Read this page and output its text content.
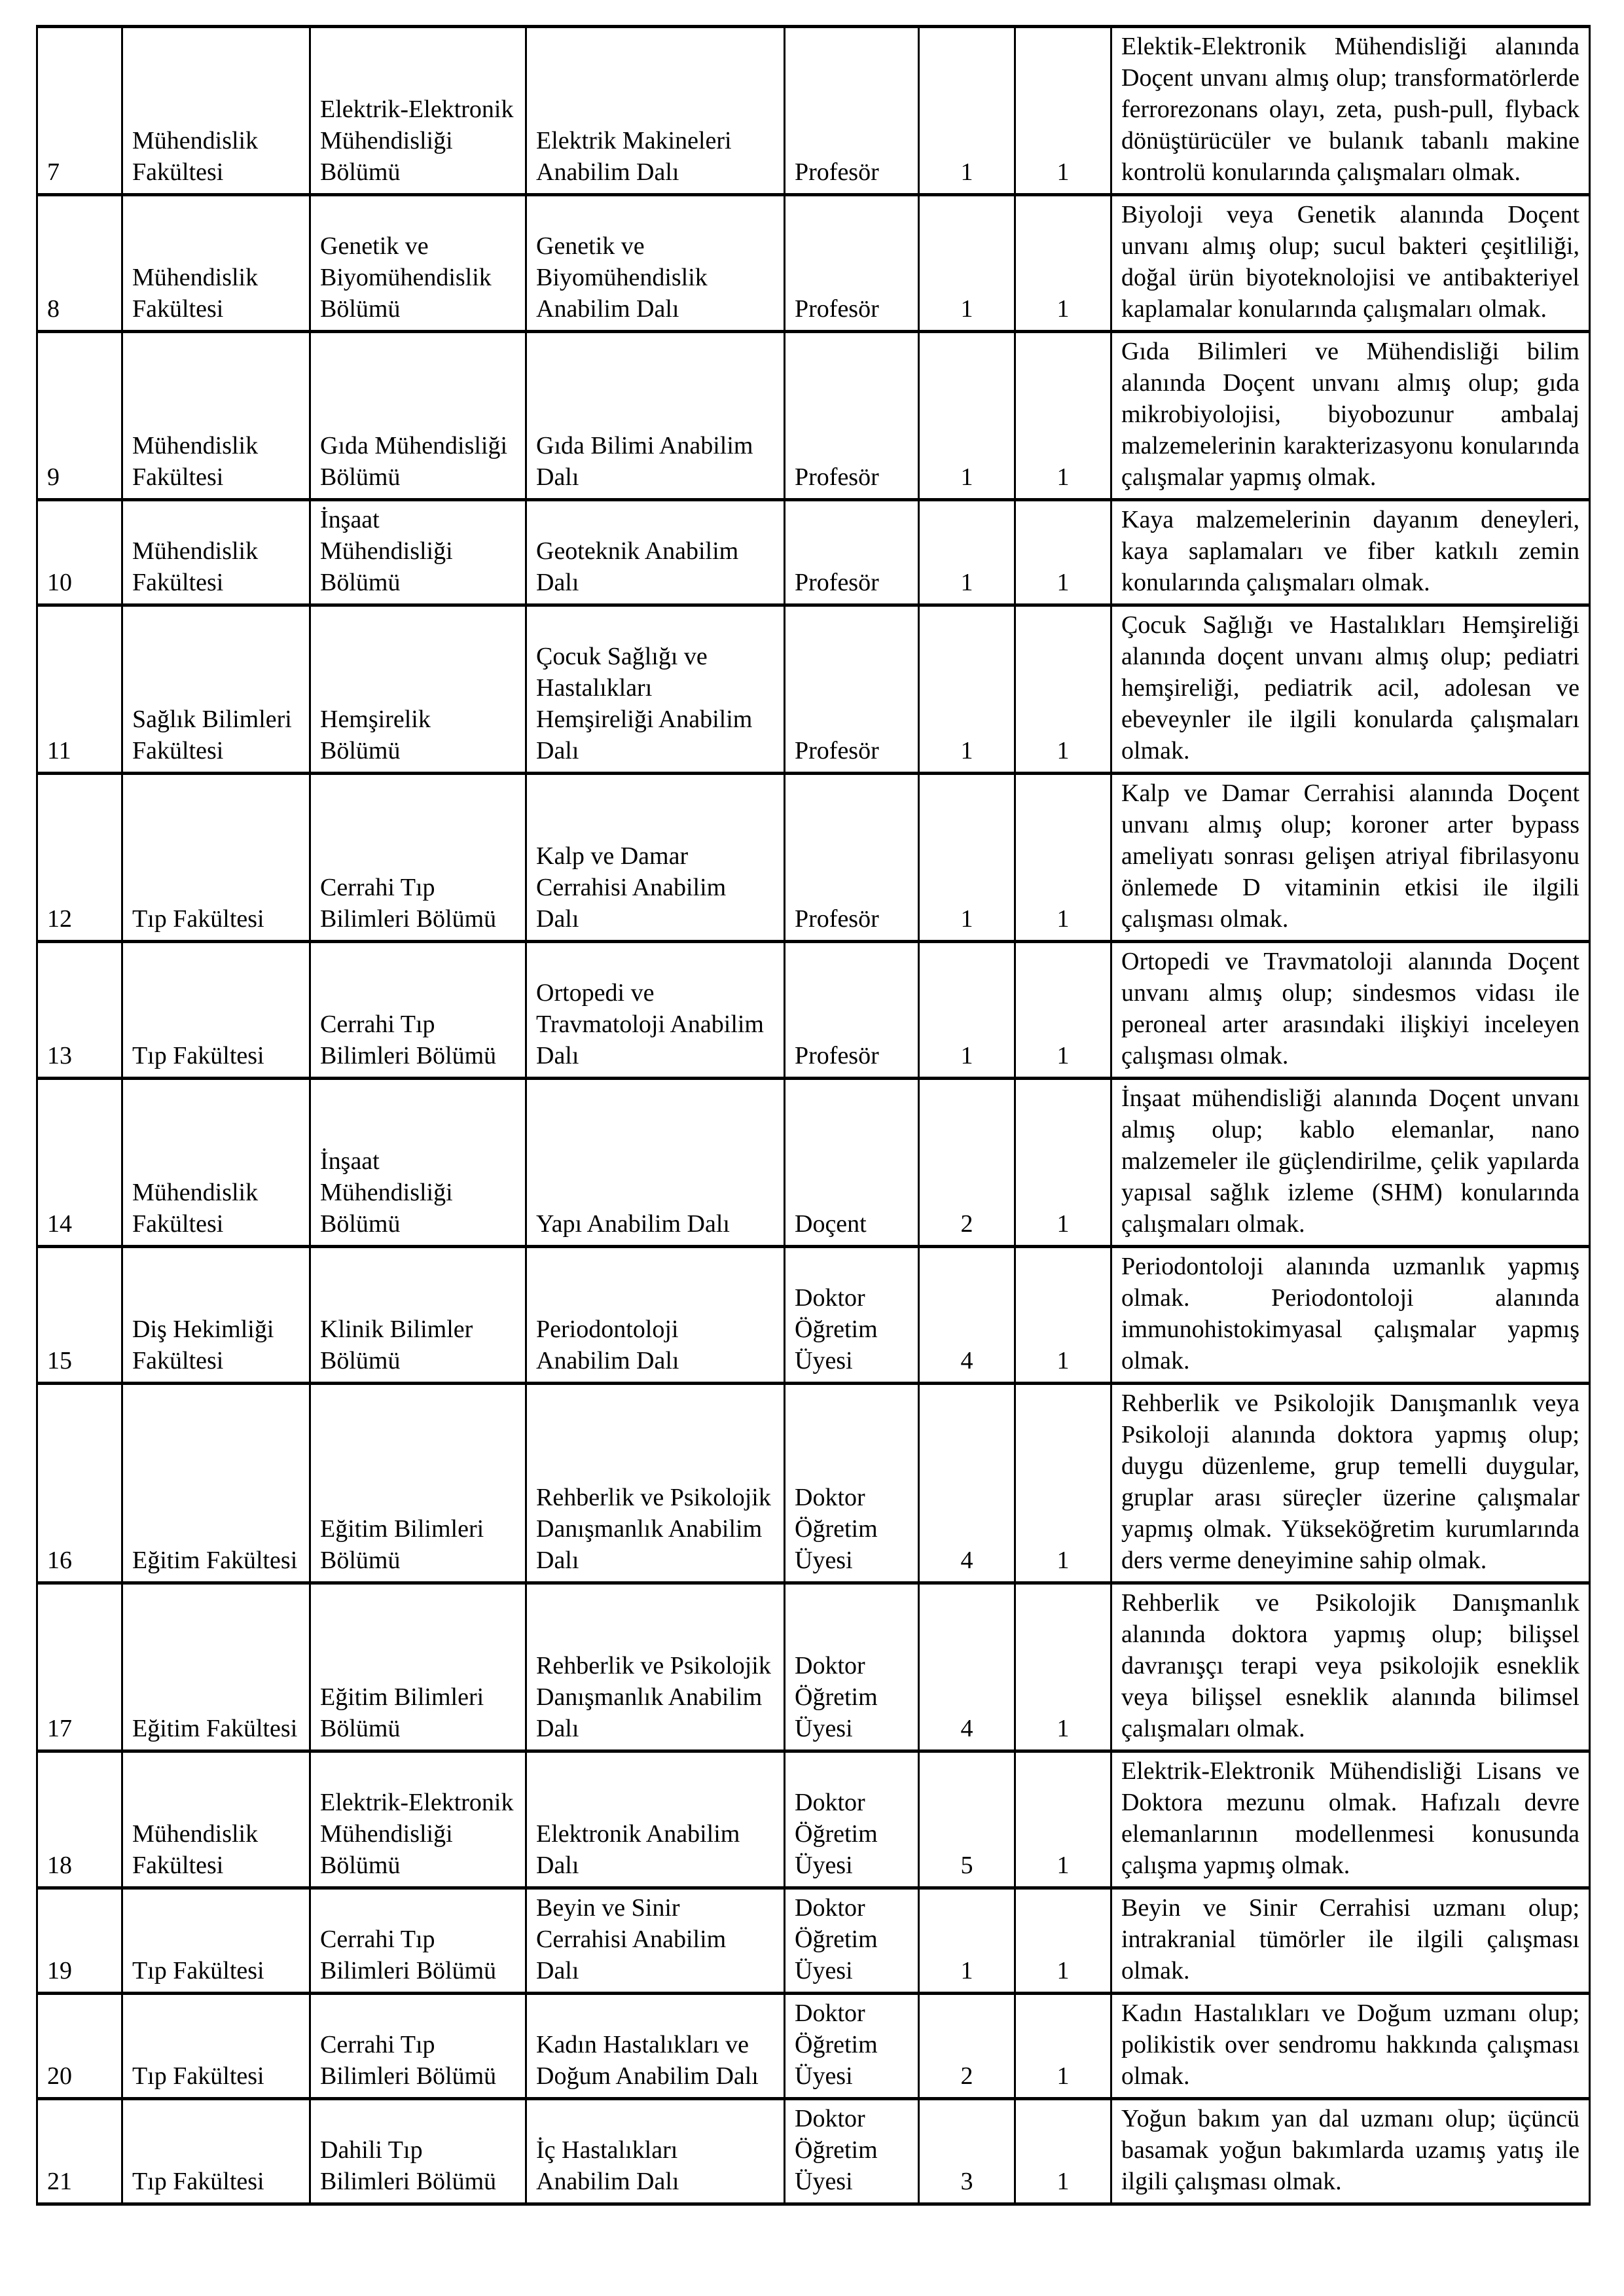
7	Mühendislik Fakültesi	Elektrik-Elektronik Mühendisliği Bölümü	Elektrik Makineleri Anabilim Dalı	Profesör	1	1	Elektik-Elektronik Mühendisliği alanında Doçent unvanı almış olup; transformatörlerde ferrorezonans olayı, zeta, push-pull, flyback dönüştürücüler ve bulanık tabanlı makine kontrolü konularında çalışmaları olmak.
8	Mühendislik Fakültesi	Genetik ve Biyomühendislik Bölümü	Genetik ve Biyomühendislik Anabilim Dalı	Profesör	1	1	Biyoloji veya Genetik alanında Doçent unvanı almış olup; sucul bakteri çeşitliliği, doğal ürün biyoteknolojisi ve antibakteriyel kaplamalar konularında çalışmaları olmak.
9	Mühendislik Fakültesi	Gıda Mühendisliği Bölümü	Gıda Bilimi Anabilim Dalı	Profesör	1	1	Gıda Bilimleri ve Mühendisliği bilim alanında Doçent unvanı almış olup; gıda mikrobiyolojisi, biyobozunur ambalaj malzemelerinin karakterizasyonu konularında çalışmalar yapmış olmak.
10	Mühendislik Fakültesi	İnşaat Mühendisliği Bölümü	Geoteknik Anabilim Dalı	Profesör	1	1	Kaya malzemelerinin dayanım deneyleri, kaya saplamaları ve fiber katkılı zemin konularında çalışmaları olmak.
11	Sağlık Bilimleri Fakültesi	Hemşirelik Bölümü	Çocuk Sağlığı ve Hastalıkları Hemşireliği Anabilim Dalı	Profesör	1	1	Çocuk Sağlığı ve Hastalıkları Hemşireliği alanında doçent unvanı almış olup; pediatri hemşireliği, pediatrik acil, adolesan ve ebeveynler ile ilgili konularda çalışmaları olmak.
12	Tıp Fakültesi	Cerrahi Tıp Bilimleri Bölümü	Kalp ve Damar Cerrahisi Anabilim Dalı	Profesör	1	1	Kalp ve Damar Cerrahisi alanında Doçent unvanı almış olup; koroner arter bypass ameliyatı sonrası gelişen atriyal fibrilasyonu önlemede D vitaminin etkisi ile ilgili çalışması olmak.
13	Tıp Fakültesi	Cerrahi Tıp Bilimleri Bölümü	Ortopedi ve Travmatoloji Anabilim Dalı	Profesör	1	1	Ortopedi ve Travmatoloji alanında Doçent unvanı almış olup; sindesmos vidası ile peroneal arter arasındaki ilişkiyi inceleyen çalışması olmak.
14	Mühendislik Fakültesi	İnşaat Mühendisliği Bölümü	Yapı Anabilim Dalı	Doçent	2	1	İnşaat mühendisliği alanında Doçent unvanı almış olup; kablo elemanlar, nano malzemeler ile güçlendirilme, çelik yapılarda yapısal sağlık izleme (SHM) konularında çalışmaları olmak.
15	Diş Hekimliği Fakültesi	Klinik Bilimler Bölümü	Periodontoloji Anabilim Dalı	Doktor Öğretim Üyesi	4	1	Periodontoloji alanında uzmanlık yapmış olmak. Periodontoloji alanında immunohistokimyasal çalışmalar yapmış olmak.
16	Eğitim Fakültesi	Eğitim Bilimleri Bölümü	Rehberlik ve Psikolojik Danışmanlık Anabilim Dalı	Doktor Öğretim Üyesi	4	1	Rehberlik ve Psikolojik Danışmanlık veya Psikoloji alanında doktora yapmış olup; duygu düzenleme, grup temelli duygular, gruplar arası süreçler üzerine çalışmalar yapmış olmak. Yükseköğretim kurumlarında ders verme deneyimine sahip olmak.
17	Eğitim Fakültesi	Eğitim Bilimleri Bölümü	Rehberlik ve Psikolojik Danışmanlık Anabilim Dalı	Doktor Öğretim Üyesi	4	1	Rehberlik ve Psikolojik Danışmanlık alanında doktora yapmış olup; bilişsel davranışçı terapi veya psikolojik esneklik veya bilişsel esneklik alanında bilimsel çalışmaları olmak.
18	Mühendislik Fakültesi	Elektrik-Elektronik Mühendisliği Bölümü	Elektronik Anabilim Dalı	Doktor Öğretim Üyesi	5	1	Elektrik-Elektronik Mühendisliği Lisans ve Doktora mezunu olmak. Hafızalı devre elemanlarının modellenmesi konusunda çalışma yapmış olmak.
19	Tıp Fakültesi	Cerrahi Tıp Bilimleri Bölümü	Beyin ve Sinir Cerrahisi Anabilim Dalı	Doktor Öğretim Üyesi	1	1	Beyin ve Sinir Cerrahisi uzmanı olup; intrakranial tümörler ile ilgili çalışması olmak.
20	Tıp Fakültesi	Cerrahi Tıp Bilimleri Bölümü	Kadın Hastalıkları ve Doğum Anabilim Dalı	Doktor Öğretim Üyesi	2	1	Kadın Hastalıkları ve Doğum uzmanı olup; polikistik over sendromu hakkında çalışması olmak.
21	Tıp Fakültesi	Dahili Tıp Bilimleri Bölümü	İç Hastalıkları Anabilim Dalı	Doktor Öğretim Üyesi	3	1	Yoğun bakım yan dal uzmanı olup; üçüncü basamak yoğun bakımlarda uzamış yatış ile ilgili çalışması olmak.
